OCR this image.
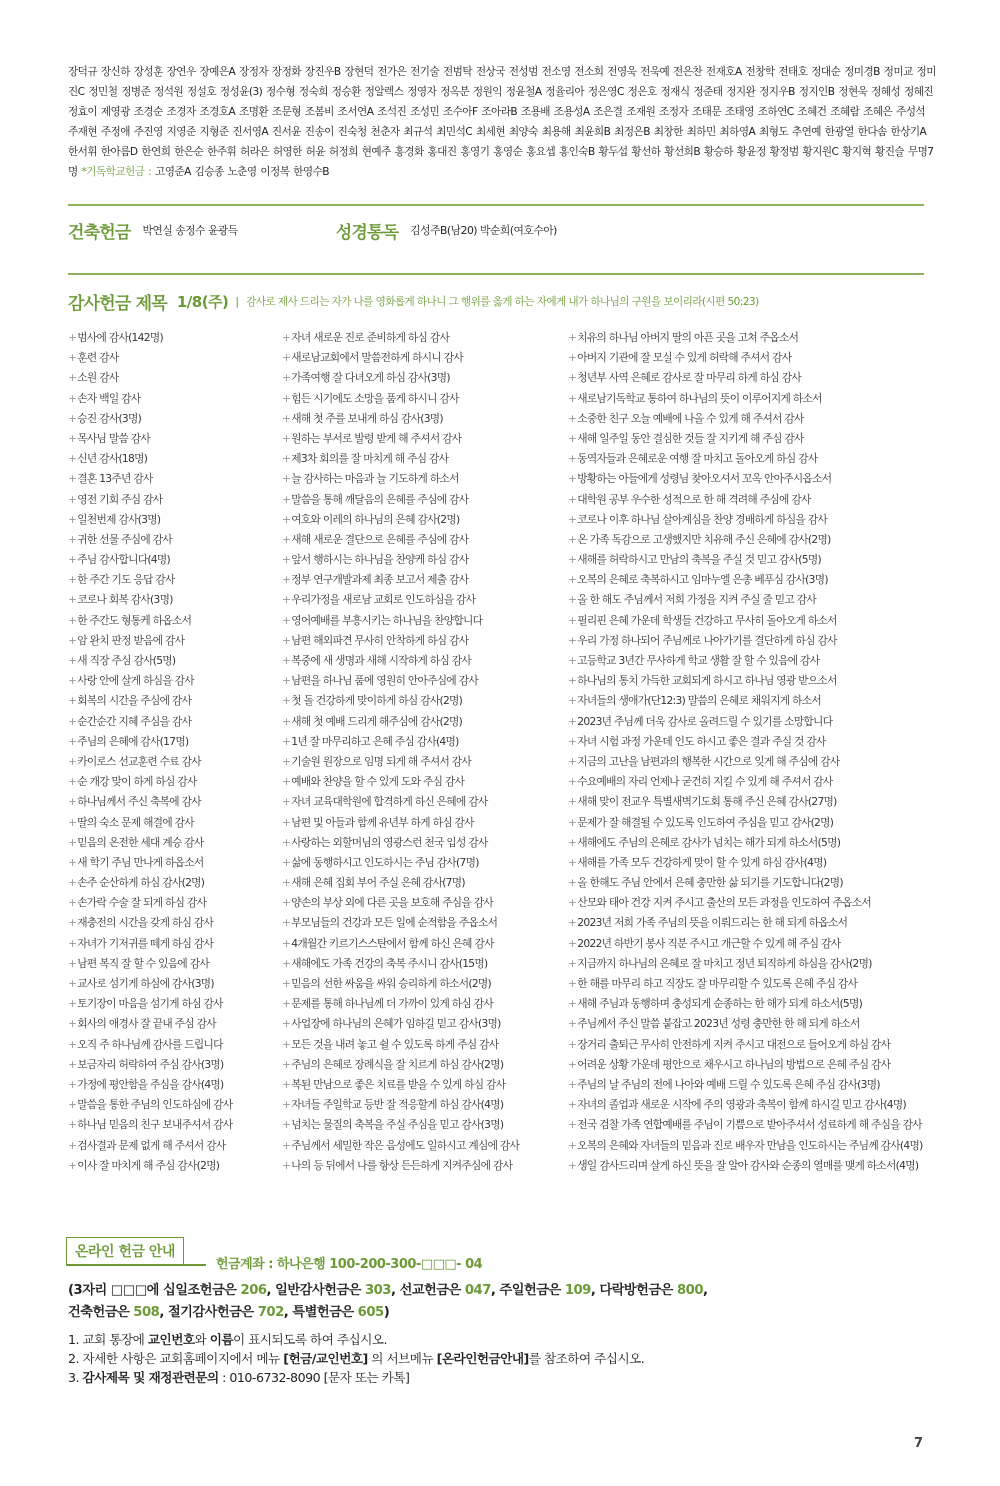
장덕규 장신하 장성훈 장연우 장예은A 장정자 장정화 장진우B 장현덕 전가은 전기술 전범탁 전상국 전성범 전소영 전소희 전영욱 전욱예 전은찬 전재호A 전창학 전태호 정대순 정미경B 정미교 정미진C 정민철 정병준 정석원 정설호 정성윤(3) 정수형 정숙희 정승환 정알렉스 정영자 정옥분 정원익 정윤철A 정율리아 정은영C 정은호 정재식 정준태 정지완 정지우B 정지인B 정현욱 정혜성 정혜진 정효이 제영광 조경순 조경자 조경호A 조명환 조문형 조봄비 조서연A 조석진 조성민 조수아F 조아라B 조용배 조용성A 조은결 조재원 조정자 조태문 조태영 조하연C 조혜건 조혜람 조혜은 주성석 주재현 주정애 주진영 지영준 지형준 진서영A 진서윤 진송이 진숙청 천춘자 최규석 최민석C 최세현 최양숙 최용해 최윤희B 최정은B 최창한 최하민 최하영A 최형도 추연예 한광열 한다솜 한상기A 한서휘 한아름D 한연희 한은순 한주휘 허라은 허영한 허윤 허정희 현예주 홍경화 홍대진 홍영기 홍영순 홍요셉 홍인숙B 황두섭 황선하 황선희B 황승하 황윤정 황정범 황지원C 황지혁 황진슬 무명7명 *기독학교헌금 : 고영준A 김승종 노춘영 이정복 한영수B
건축헌금 박연실 송정수 윤광득	성경통독 김성주B(남20) 박순희(여호수아)
감사헌금 제목 1/8(주) | 감사로 제사 드리는 자가 나를 영화롭게 하나니 그 행위를 옳게 하는 자에게 내가 하나님의 구원을 보이리라(시편 50:23)
+범사에 감사(142명)
+훈련 감사
+소원 감사
+손자 백일 감사
+승진 감사(3명)
+목사님 말씀 감사
+신년 감사(18명)
+결혼 13주년 감사
+영전 기회 주심 감사
+일천번제 감사(3명)
+귀한 선물 주심에 감사
+주님 감사합니다(4명)
+한 주간 기도 응답 감사
+코로나 회복 감사(3명)
+한 주간도 형통케 하옵소서
+암 완치 판정 받음에 감사
+새 직장 주심 감사(5명)
+사랑 안에 살게 하심을 감사
+회복의 시간을 주심에 감사
+순간순간 지혜 주심을 감사
+주님의 은혜에 감사(17명)
+카이로스 선교훈련 수료 감사
+순 개강 맞이 하게 하심 감사
+하나님께서 주신 축복에 감사
+딸의 숙소 문제 해결에 감사
+믿음의 온전한 세대 계승 감사
+새 학기 주님 만나게 하옵소서
+손주 순산하게 하심 감사(2명)
+손가락 수술 잘 되게 하심 감사
+재충전의 시간을 갖게 하심 감사
+자녀가 기저귀를 떼게 하심 감사
+남편 복직 잘 할 수 있음에 감사
+교사로 섬기게 하심에 감사(3명)
+토기장이 마음을 섬기게 하심 감사
+회사의 애경사 잘 끝내 주심 감사
+오직 주 하나님께 감사를 드립니다
+보금자리 허락하여 주심 감사(3명)
+가정에 평안함을 주심을 감사(4명)
+말씀을 통한 주님의 인도하심에 감사
+하나님 믿음의 친구 보내주셔서 감사
+검사결과 문제 없게 해 주셔서 감사
+이사 잘 마치게 해 주심 감사(2명)
+자녀 새로운 진로 준비하게 하심 감사
+새로남교회에서 말씀전하게 하시니 감사
+가족여행 잘 다녀오게 하심 감사(3명)
+힘든 시기에도 소망을 품게 하시니 감사
+새해 첫 주를 보내게 하심 감사(3명)
+원하는 부서로 발령 받게 해 주셔서 감사
+제3차 회의를 잘 마치게 해 주심 감사
+늘 감사하는 마음과 늘 기도하게 하소서
+말씀을 통해 깨달음의 은혜를 주심에 감사
+여호와 이레의 하나님의 은혜 감사(2명)
+새해 새로운 결단으로 은혜를 주심에 감사
+앞서 행하시는 하나님을 찬양케 하심 감사
+정부 연구개발과제 최종 보고서 제출 감사
+우리가정을 새로남 교회로 인도하심을 감사
+영어예배를 부흥시키는 하나님을 찬양합니다
+남편 해외파견 무사히 안착하게 하심 감사
+복중에 새 생명과 새해 시작하게 하심 감사
+남편을 하나님 품에 영원히 안아주심에 감사
+첫 돌 건강하게 맞이하게 하심 감사(2명)
+새해 첫 예배 드리게 해주심에 감사(2명)
+1년 잘 마무리하고 은혜 주심 감사(4명)
+기술원 원장으로 임명 되게 해 주셔서 감사
+예배와 찬양을 할 수 있게 도와 주심 감사
+자녀 교육대학원에 합격하게 하신 은혜에 감사
+남편 및 아들과 함께 유년부 하게 하심 감사
+사랑하는 외할머님의 영광스런 천국 입성 감사
+삶에 동행하시고 인도하시는 주님 감사(7명)
+새해 은혜 집회 부어 주실 은혜 감사(7명)
+양손의 부상 외에 다른 곳을 보호해 주심을 감사
+부모님들의 건강과 모든 일에 순적함을 주옵소서
+4개월간 키르기스스탄에서 함께 하신 은혜 감사
+새해에도 가족 건강의 축복 주시니 감사(15명)
+믿음의 선한 싸움을 싸워 승리하게 하소서(2명)
+문제를 통해 하나님께 더 가까이 있게 하심 감사
+사업장에 하나님의 은혜가 임하길 믿고 감사(3명)
+모든 것을 내려 놓고 쉴 수 있도록 하게 주심 감사
+주님의 은혜로 장례식을 잘 치르게 하심 감사(2명)
+복된 만남으로 좋은 치료를 받을 수 있게 하심 감사
+자녀들 주일학교 등반 잘 적응할게 하심 감사(4명)
+넘치는 물질의 축복을 주실 주심을 믿고 감사(3명)
+주님께서 세밀한 작은 음성에도 일하시고 계심에 감사
+나의 등 뒤에서 나를 항상 든든하게 지켜주심에 감사
+치유의 하나님 아버지 딸의 아픈 곳을 고쳐 주옵소서
+아버지 기관에 잘 모실 수 있게 허락해 주셔서 감사
+청년부 사역 은혜로 감사로 잘 마무리 하게 하심 감사
+새로남기독학교 통하여 하나님의 뜻이 이루어지게 하소서
+소중한 친구 오늘 예배에 나올 수 있게 해 주셔서 감사
+새해 일주일 동안 결심한 것들 잘 지키게 해 주심 감사
+동역자들과 은혜로운 여행 잘 마치고 돌아오게 하심 감사
+방황하는 아들에게 성령님 찾아오셔서 꼬옥 안아주시옵소서
+대학원 공부 우수한 성적으로 한 해 격려해 주심에 감사
+코로나 이후 하나님 살아계심을 찬양 경배하게 하심을 감사
+온 가족 독감으로 고생했지만 치유해 주신 은혜에 감사(2명)
+새해를 허락하시고 만남의 축복을 주실 것 믿고 감사(5명)
+오복의 은혜로 축복하시고 임마누엘 은총 베푸심 감사(3명)
+올 한 해도 주님께서 저희 가정을 지켜 주실 줄 믿고 감사
+필리핀 은혜 가운데 학생들 건강하고 무사히 돌아오게 하소서
+우리 가정 하나되어 주님께로 나아가기를 결단하게 하심 감사
+고등학교 3년간 무사하게 학교 생활 잘 할 수 있음에 감사
+하나님의 통치 가득한 교회되게 하시고 하나님 영광 받으소서
+자녀들의 생애가(단12:3) 말씀의 은혜로 채워지게 하소서
+2023년 주님께 더욱 감사로 올려드릴 수 있기를 소망합니다
+자녀 시험 과정 가운데 인도 하시고 좋은 결과 주실 것 감사
+지금의 고난을 남편과의 행복한 시간으로 잊게 해 주심에 감사
+수요예배의 자리 언제나 굳건히 지킬 수 있게 해 주셔서 감사
+새해 맞이 전교우 특별새벽기도회 통해 주신 은혜 감사(27명)
+문제가 잘 해결될 수 있도록 인도하여 주심을 믿고 감사(2명)
+새해에도 주님의 은혜로 감사가 넘치는 해가 되게 하소서(5명)
+새해를 가족 모두 건강하게 맞이 할 수 있게 하심 감사(4명)
+올 한해도 주님 안에서 은혜 충만한 삶 되기를 기도합니다(2명)
+산모와 태아 건강 지켜 주시고 출산의 모든 과정을 인도하여 주옵소서
+2023년 저희 가족 주님의 뜻을 이뤄드리는 한 해 되게 하옵소서
+2022년 하반기 봉사 직분 주시고 개근할 수 있게 해 주심 감사
+지금까지 하나님의 은혜로 잘 마치고 정년 퇴직하게 하심을 감사(2명)
+한 해를 마무리 하고 직장도 잘 마무리할 수 있도록 은혜 주심 감사
+새해 주님과 동행하며 충성되게 순종하는 한 해가 되게 하소서(5명)
+주님께서 주신 말씀 붙잡고 2023년 성령 충만한 한 해 되게 하소서
+장거리 출퇴근 무사히 안전하게 지켜 주시고 대전으로 들어오게 하심 감사
+어려운 상황 가운데 평안으로 채우시고 하나님의 방법으로 은혜 주심 감사
+주님의 날 주님의 전에 나아와 예배 드릴 수 있도록 은혜 주심 감사(3명)
+자녀의 졸업과 새로운 시작에 주의 영광과 축복이 함께 하시길 믿고 감사(4명)
+전국 검찰 가족 연합예배를 주님이 기쁨으로 받아주셔서 성료하게 해 주심을 감사
+오복의 은혜와 자녀들의 믿음과 진로 배우자 만남을 인도하시는 주님께 감사(4명)
+생일 감사드리며 살게 하신 뜻을 잘 알아 감사와 순종의 열매를 맺게 하소서(4명)
온라인 헌금 안내
헌금계좌 : 하나은행 100-200-300-□□□- 04
(3자리 □□□에 십일조헌금은 206, 일반감사헌금은 303, 선교헌금은 047, 주일헌금은 109, 다락방헌금은 800,
건축헌금은 508, 절기감사헌금은 702, 특별헌금은 605)
1. 교회 통장에 교인번호와 이름이 표시되도록 하여 주십시오.
2. 자세한 사항은 교회홈페이지에서 메뉴 [헌금/교인번호] 의 서브메뉴 [온라인헌금안내]를 참조하여 주십시오.
3. 감사제목 및 재정관련문의 : 010-6732-8090 [문자 또는 카톡]
7
